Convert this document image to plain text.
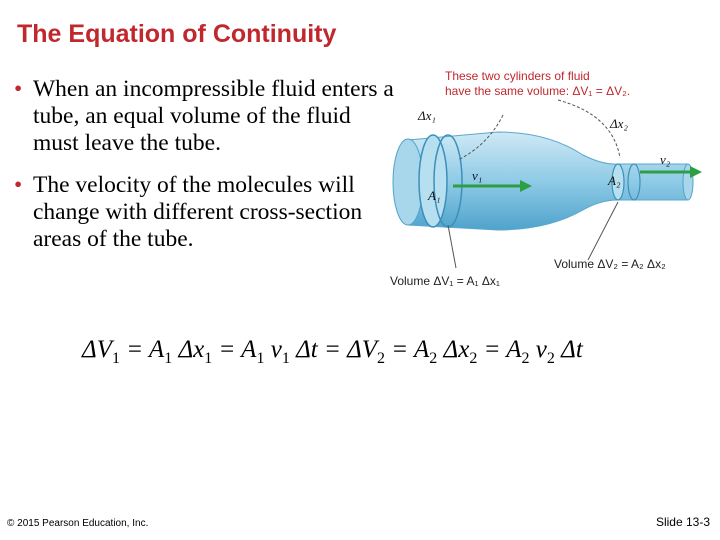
The Equation of Continuity
• When an incompressible fluid enters a tube, an equal volume of the fluid must leave the tube.
• The velocity of the molecules will change with different cross-section areas of the tube.
These two cylinders of fluid
have the same volume: ΔV₁ = ΔV₂.
Δx₁
Δx₂
v₁
v₂
A₁
A₂
Volume ΔV₁ = A₁ Δx₁
Volume ΔV₂ = A₂ Δx₂
$\Delta V_1 = A_1$ $\Delta x_1 = A_1$ $v_1$ $\Delta t = \Delta V_2 = A_2$ $\Delta x_2 = A_2$ $v_2$ Δt
© 2015 Pearson Education, Inc.	Slide 13-3
